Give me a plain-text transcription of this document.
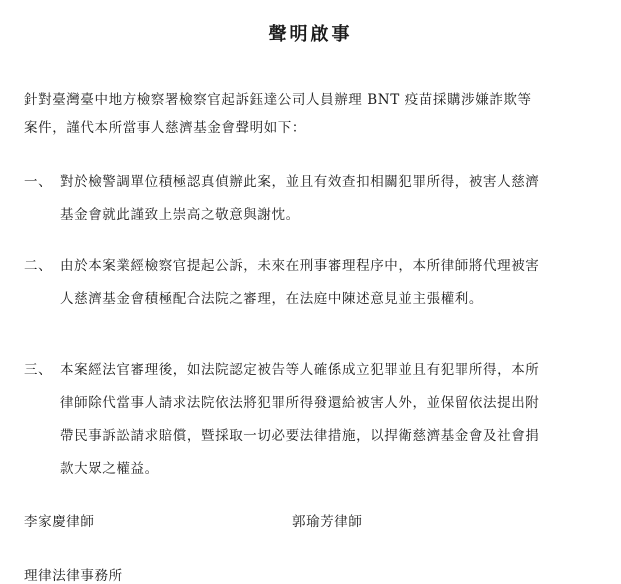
聲明啟事
針對臺灣臺中地方檢察署檢察官起訴鈺達公司人員辦理 BNT 疫苗採購涉嫌詐欺等案件，謹代本所當事人慈濟基金會聲明如下：
一、 對於檢警調單位積極認真偵辦此案，並且有效查扣相關犯罪所得，被害人慈濟基金會就此謹致上崇高之敬意與謝忱。
二、 由於本案業經檢察官提起公訴，未來在刑事審理程序中，本所律師將代理被害人慈濟基金會積極配合法院之審理，在法庭中陳述意見並主張權利。
三、 本案經法官審理後，如法院認定被告等人確係成立犯罪並且有犯罪所得，本所律師除代當事人請求法院依法將犯罪所得發還給被害人外，並保留依法提出附帶民事訴訟請求賠償，暨採取一切必要法律措施，以捍衛慈濟基金會及社會捐款大眾之權益。
李家慶律師	郭瑜芳律師
理律法律事務所
